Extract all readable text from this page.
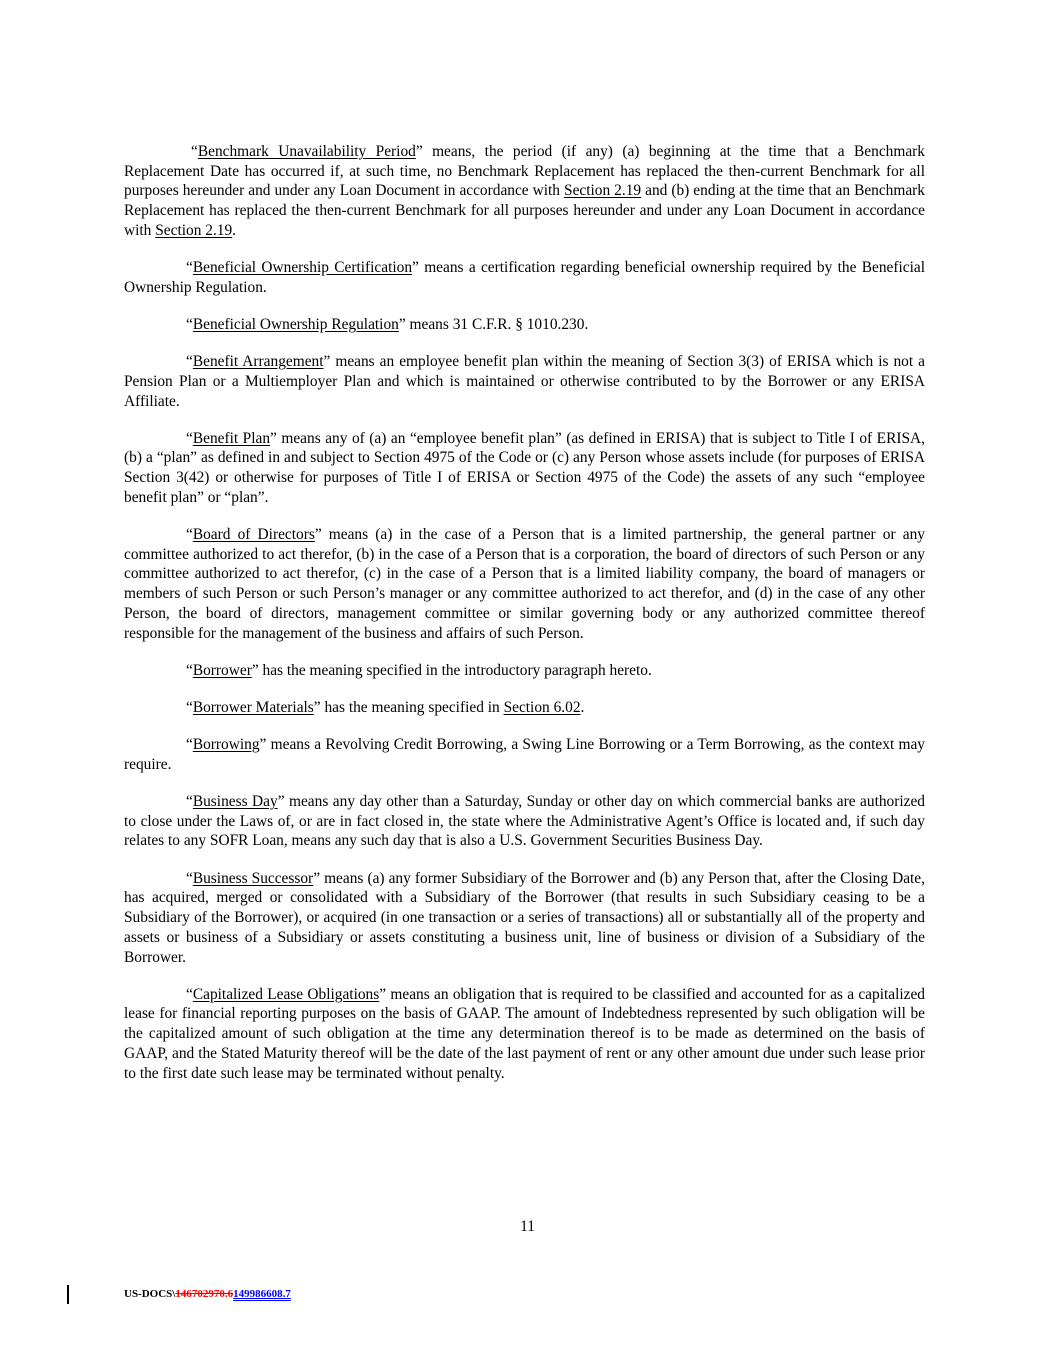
“Benchmark Unavailability Period” means, the period (if any) (a) beginning at the time that a Benchmark Replacement Date has occurred if, at such time, no Benchmark Replacement has replaced the then-current Benchmark for all purposes hereunder and under any Loan Document in accordance with Section 2.19 and (b) ending at the time that an Benchmark Replacement has replaced the then-current Benchmark for all purposes hereunder and under any Loan Document in accordance with Section 2.19.

“Beneficial Ownership Certification” means a certification regarding beneficial ownership required by the Beneficial Ownership Regulation.

“Beneficial Ownership Regulation” means 31 C.F.R. § 1010.230.

“Benefit Arrangement” means an employee benefit plan within the meaning of Section 3(3) of ERISA which is not a Pension Plan or a Multiemployer Plan and which is maintained or otherwise contributed to by the Borrower or any ERISA Affiliate.

“Benefit Plan” means any of (a) an “employee benefit plan” (as defined in ERISA) that is subject to Title I of ERISA, (b) a “plan” as defined in and subject to Section 4975 of the Code or (c) any Person whose assets include (for purposes of ERISA Section 3(42) or otherwise for purposes of Title I of ERISA or Section 4975 of the Code) the assets of any such “employee benefit plan” or “plan”.

“Board of Directors” means (a) in the case of a Person that is a limited partnership, the general partner or any committee authorized to act therefor, (b) in the case of a Person that is a corporation, the board of directors of such Person or any committee authorized to act therefor, (c) in the case of a Person that is a limited liability company, the board of managers or members of such Person or such Person’s manager or any committee authorized to act therefor, and (d) in the case of any other Person, the board of directors, management committee or similar governing body or any authorized committee thereof responsible for the management of the business and affairs of such Person.

“Borrower” has the meaning specified in the introductory paragraph hereto.

“Borrower Materials” has the meaning specified in Section 6.02.

“Borrowing” means a Revolving Credit Borrowing, a Swing Line Borrowing or a Term Borrowing, as the context may require.

“Business Day” means any day other than a Saturday, Sunday or other day on which commercial banks are authorized to close under the Laws of, or are in fact closed in, the state where the Administrative Agent’s Office is located and, if such day relates to any SOFR Loan, means any such day that is also a U.S. Government Securities Business Day.

“Business Successor” means (a) any former Subsidiary of the Borrower and (b) any Person that, after the Closing Date, has acquired, merged or consolidated with a Subsidiary of the Borrower (that results in such Subsidiary ceasing to be a Subsidiary of the Borrower), or acquired (in one transaction or a series of transactions) all or substantially all of the property and assets or business of a Subsidiary or assets constituting a business unit, line of business or division of a Subsidiary of the Borrower.

“Capitalized Lease Obligations” means an obligation that is required to be classified and accounted for as a capitalized lease for financial reporting purposes on the basis of GAAP. The amount of Indebtedness represented by such obligation will be the capitalized amount of such obligation at the time any determination thereof is to be made as determined on the basis of GAAP, and the Stated Maturity thereof will be the date of the last payment of rent or any other amount due under such lease prior to the first date such lease may be terminated without penalty.

11
US-DOCS\146702970.6149986608.7
